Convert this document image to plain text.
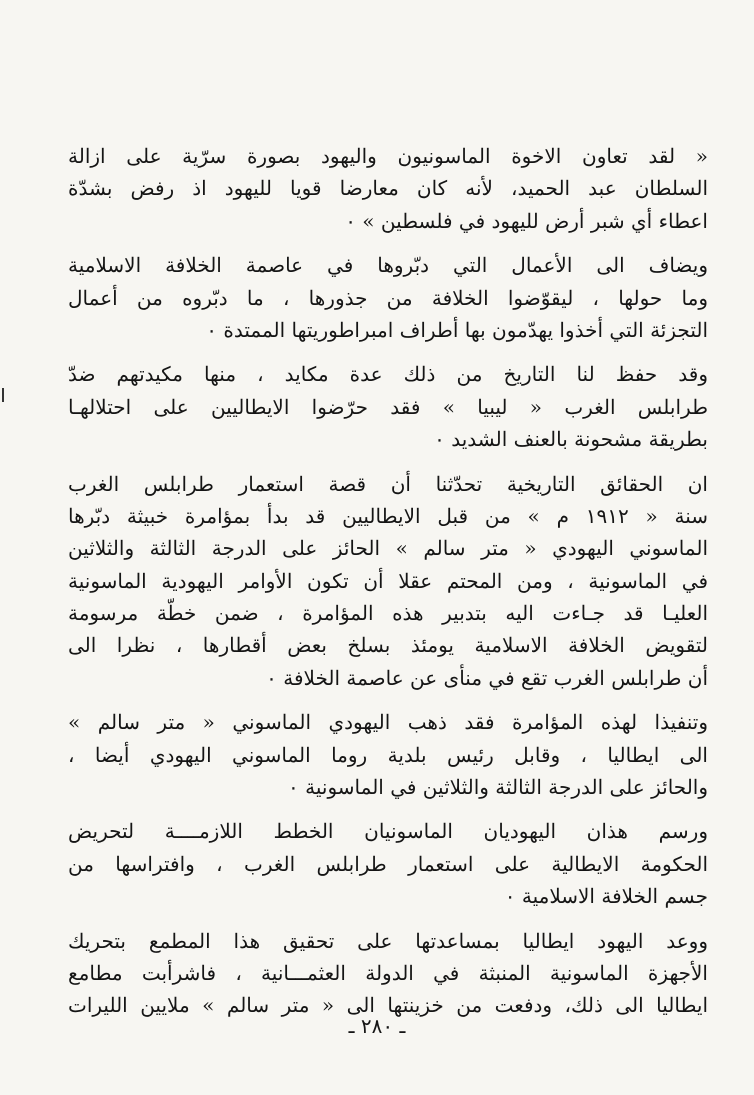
« لقد تعاون الاخوة الماسونيون واليهود بصورة سرّية على ازالة
السلطان عبد الحميد، لأنه كان معارضا قويا لليهود اذ رفض بشدّة
اعطاء أي شبر أرض لليهود في فلسطين » ٠
ويضاف الى الأعمال التي دبّروها في عاصمة الخلافة الاسلامية
وما حولها ، ليقوّضوا الخلافة من جذورها ، ما دبّروه من أعمال
التجزئة التي أخذوا يهدّمون بها أطراف امبراطوريتها الممتدة ٠
وقد حفظ لنا التاريخ من ذلك عدة مكايد ، منها مكيدتهم ضدّ
طرابلس الغرب « ليبيا » فقد حرّضوا الايطاليين على احتلالهـا
بطريقة مشحونة بالعنف الشديد ٠
ان الحقائق التاريخية تحدّثنا أن قصة استعمار طرابلس الغرب
سنة « ١٩١٢ م » من قبل الايطاليين قد بدأ بمؤامرة خبيثة دبّرها
الماسوني اليهودي « متر سالم » الحائز على الدرجة الثالثة والثلاثين
في الماسونية ، ومن المحتم عقلا أن تكون الأوامر اليهودية الماسونية
العليـا قد جـاءت اليه بتدبير هذه المؤامرة ، ضمن خطّة مرسومة
لتقويض الخلافة الاسلامية يومئذ بسلخ بعض أقطارها ، نظرا الى
أن طرابلس الغرب تقع في منأى عن عاصمة الخلافة ٠
وتنفيذا لهذه المؤامرة فقد ذهب اليهودي الماسوني « متر سالم »
الى ايطاليا ، وقابل رئيس بلدية روما الماسوني اليهودي أيضا ،
والحائز على الدرجة الثالثة والثلاثين في الماسونية ٠
ورسم هذان اليهوديان الماسونيان الخطط اللازمــــة لتحريض
الحكومة الايطالية على استعمار طرابلس الغرب ، وافتراسها من
جسم الخلافة الاسلامية ٠
ووعد اليهود ايطاليا بمساعدتها على تحقيق هذا المطمع بتحريك
الأجهزة الماسونية المنبثة في الدولة العثمـــانية ، فاشرأبت مطامع
ايطاليا الى ذلك، ودفعت من خزينتها الى « متر سالم » ملايين الليرات
ـ ٢٨٠ ـ
